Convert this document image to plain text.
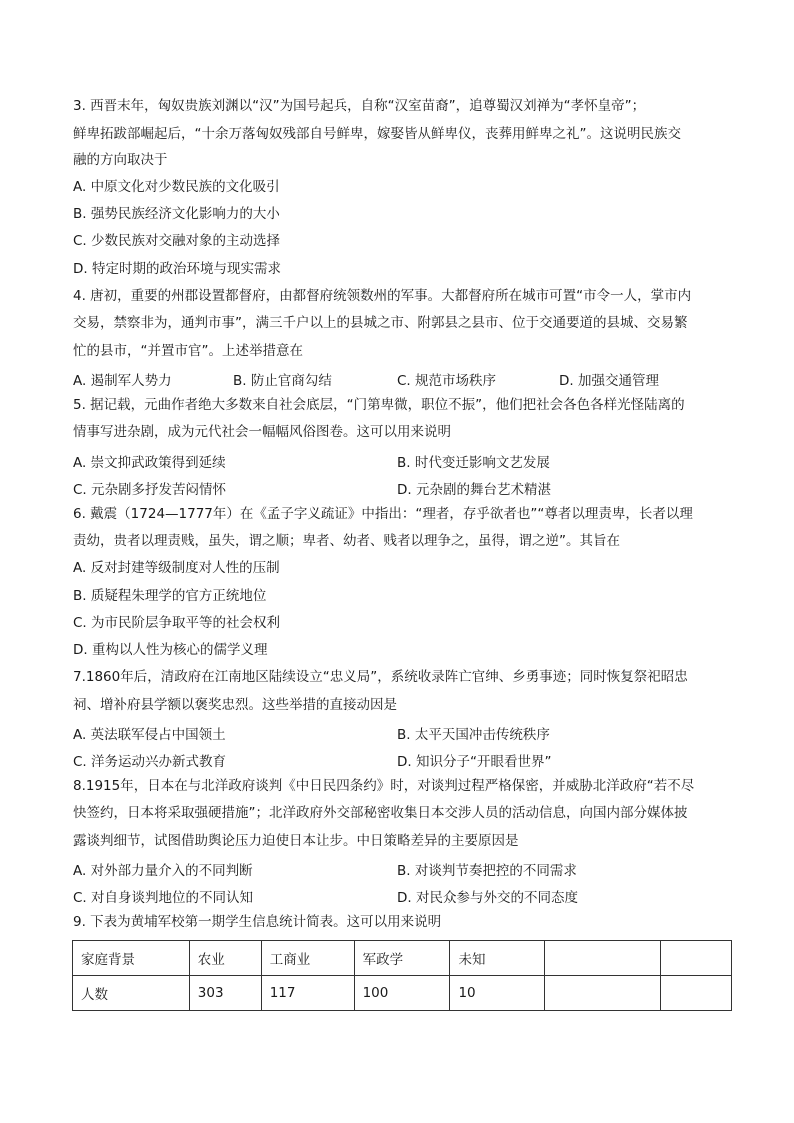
3. 西晋末年，匈奴贵族刘渊以“汉”为国号起兵，自称“汉室苗裔”，追尊蜀汉刘禅为“孝怀皇帝”；
鲜卑拓跋部崛起后，“十余万落匈奴残部自号鲜卑，嫁娶皆从鲜卑仪，丧葬用鲜卑之礼”。这说明民族交
融的方向取决于
A. 中原文化对少数民族的文化吸引
B. 强势民族经济文化影响力的大小
C. 少数民族对交融对象的主动选择
D. 特定时期的政治环境与现实需求
4. 唐初，重要的州郡设置都督府，由都督府统领数州的军事。大都督府所在城市可置“市令一人，掌市内
交易，禁察非为，通判市事”，满三千户以上的县城之市、附郭县之县市、位于交通要道的县城、交易繁
忙的县市，“并置市官”。上述举措意在
A. 遏制军人势力	B. 防止官商勾结	C. 规范市场秩序	D. 加强交通管理
5. 据记载，元曲作者绝大多数来自社会底层，“门第卑微，职位不振”，他们把社会各色各样光怪陆离的
情事写进杂剧，成为元代社会一幅幅风俗图卷。这可以用来说明
A. 崇文抑武政策得到延续	B. 时代变迁影响文艺发展
C. 元杂剧多抒发苦闷情怀	D. 元杂剧的舞台艺术精湛
6. 戴震（1724—1777年）在《孟子字义疏证》中指出：“理者，存乎欲者也”“尊者以理责卑，长者以理
责幼，贵者以理责贱，虽失，谓之顺；卑者、幼者、贱者以理争之，虽得，谓之逆”。其旨在
A. 反对封建等级制度对人性的压制
B. 质疑程朱理学的官方正统地位
C. 为市民阶层争取平等的社会权利
D. 重构以人性为核心的儒学义理
7.1860年后，清政府在江南地区陆续设立“忠义局”，系统收录阵亡官绅、乡勇事迹；同时恢复祭祀昭忠
祠、增补府县学额以褒奖忠烈。这些举措的直接动因是
A. 英法联军侵占中国领土	B. 太平天国冲击传统秩序
C. 洋务运动兴办新式教育	D. 知识分子“开眼看世界”
8.1915年，日本在与北洋政府谈判《中日民四条约》时，对谈判过程严格保密，并威胁北洋政府“若不尽
快签约，日本将采取强硬措施”；北洋政府外交部秘密收集日本交涉人员的活动信息，向国内部分媒体披
露谈判细节，试图借助舆论压力迫使日本让步。中日策略差异的主要原因是
A. 对外部力量介入的不同判断	B. 对谈判节奏把控的不同需求
C. 对自身谈判地位的不同认知	D. 对民众参与外交的不同态度
9. 下表为黄埔军校第一期学生信息统计简表。这可以用来说明
家庭背景	农业	工商业	军政学	未知		
人数	303	117	100	10		
